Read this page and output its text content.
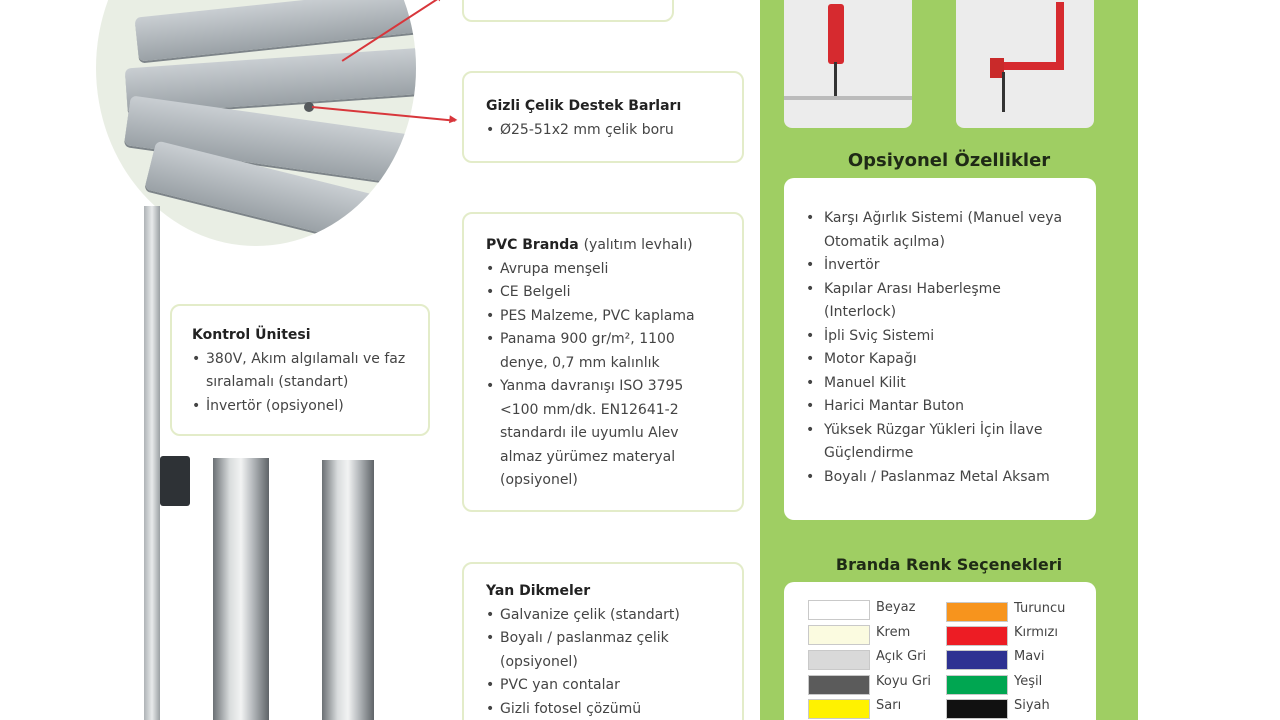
Gizli Çelik Destek Barları
• Ø25-51x2 mm çelik boru
PVC Branda (yalıtım levhalı)
• Avrupa menşeli
• CE Belgeli
• PES Malzeme, PVC kaplama
• Panama 900 gr/m², 1100 denye, 0,7 mm kalınlık
• Yanma davranışı ISO 3795 <100 mm/dk. EN12641-2 standardı ile uyumlu Alev almaz yürümez materyal (opsiyonel)
Kontrol Ünitesi
• 380V, Akım algılamalı ve faz sıralamalı (standart)
• İnvertör (opsiyonel)
Yan Dikmeler
• Galvanize çelik (standart)
• Boyalı / paslanmaz çelik (opsiyonel)
• PVC yan contalar
• Gizli fotosel çözümü
Opsiyonel Özellikler
• Karşı Ağırlık Sistemi (Manuel veya Otomatik açılma)
• İnvertör
• Kapılar Arası Haberleşme (Interlock)
• İpli Sviç Sistemi
• Motor Kapağı
• Manuel Kilit
• Harici Mantar Buton
• Yüksek Rüzgar Yükleri İçin İlave Güçlendirme
• Boyalı / Paslanmaz Metal Aksam
Branda Renk Seçenekleri
Beyaz
Krem
Açık Gri
Koyu Gri
Sarı
Turuncu
Kırmızı
Mavi
Yeşil
Siyah
